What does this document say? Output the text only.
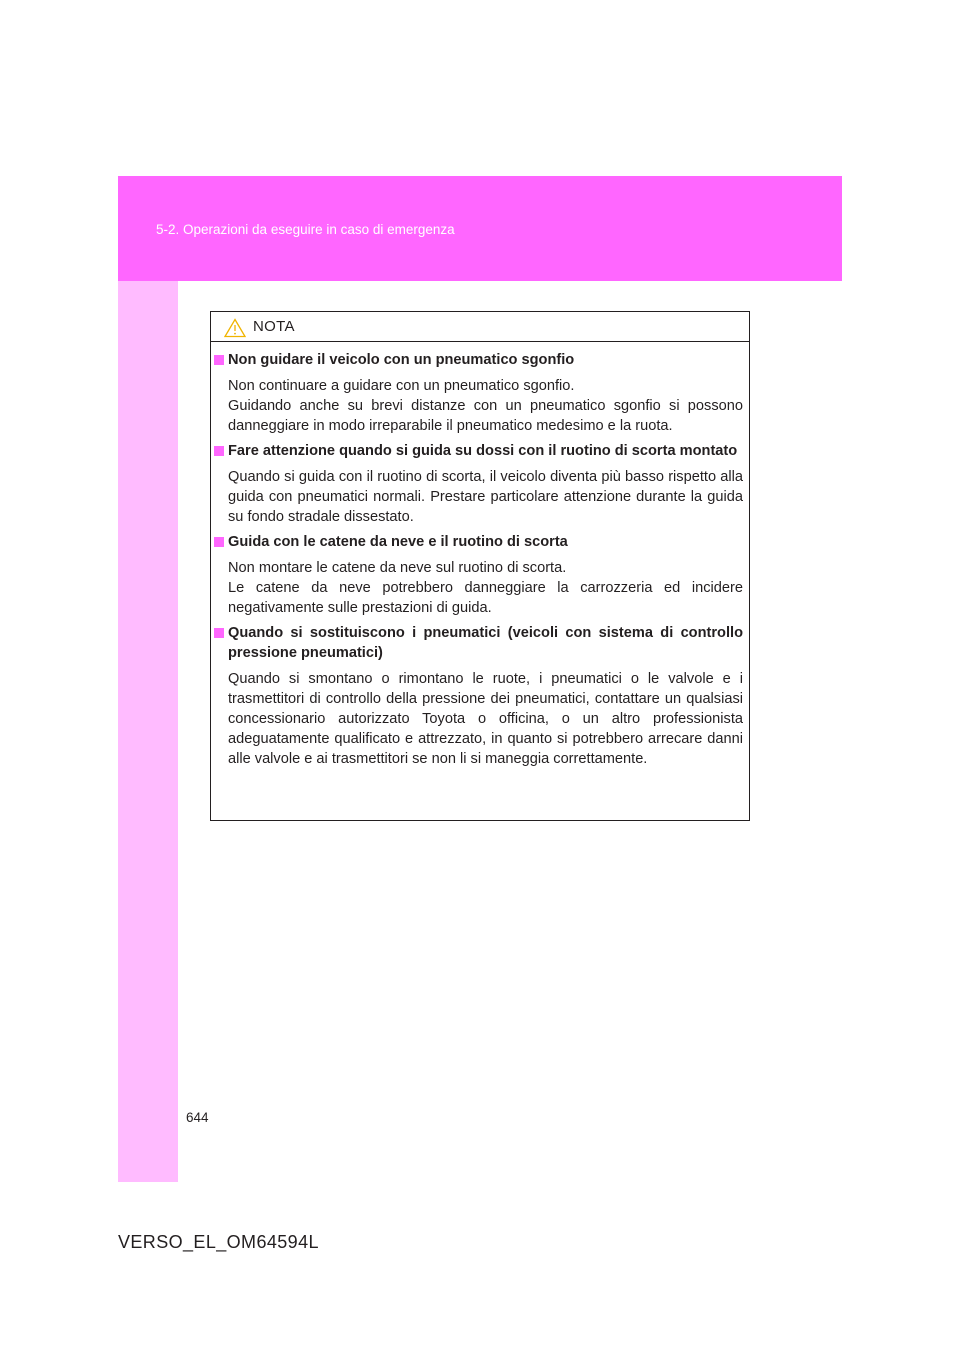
5-2. Operazioni da eseguire in caso di emergenza
NOTA
Non guidare il veicolo con un pneumatico sgonfio

Non continuare a guidare con un pneumatico sgonfio.

Guidando anche su brevi distanze con un pneumatico sgonfio si possono danneggiare in modo irreparabile il pneumatico medesimo e la ruota.

Fare attenzione quando si guida su dossi con il ruotino di scorta montato

Quando si guida con il ruotino di scorta, il veicolo diventa più basso rispetto alla guida con pneumatici normali. Prestare particolare attenzione durante la guida su fondo stradale dissestato.

Guida con le catene da neve e il ruotino di scorta

Non montare le catene da neve sul ruotino di scorta.

Le catene da neve potrebbero danneggiare la carrozzeria ed incidere negativamente sulle prestazioni di guida.

Quando si sostituiscono i pneumatici (veicoli con sistema di controllo pressione pneumatici)

Quando si smontano o rimontano le ruote, i pneumatici o le valvole e i trasmettitori di controllo della pressione dei pneumatici, contattare un qualsiasi concessionario autorizzato Toyota o officina, o un altro professionista adeguatamente qualificato e attrezzato, in quanto si potrebbero arrecare danni alle valvole e ai trasmettitori se non li si maneggia correttamente.

644
VERSO_EL_OM64594L
